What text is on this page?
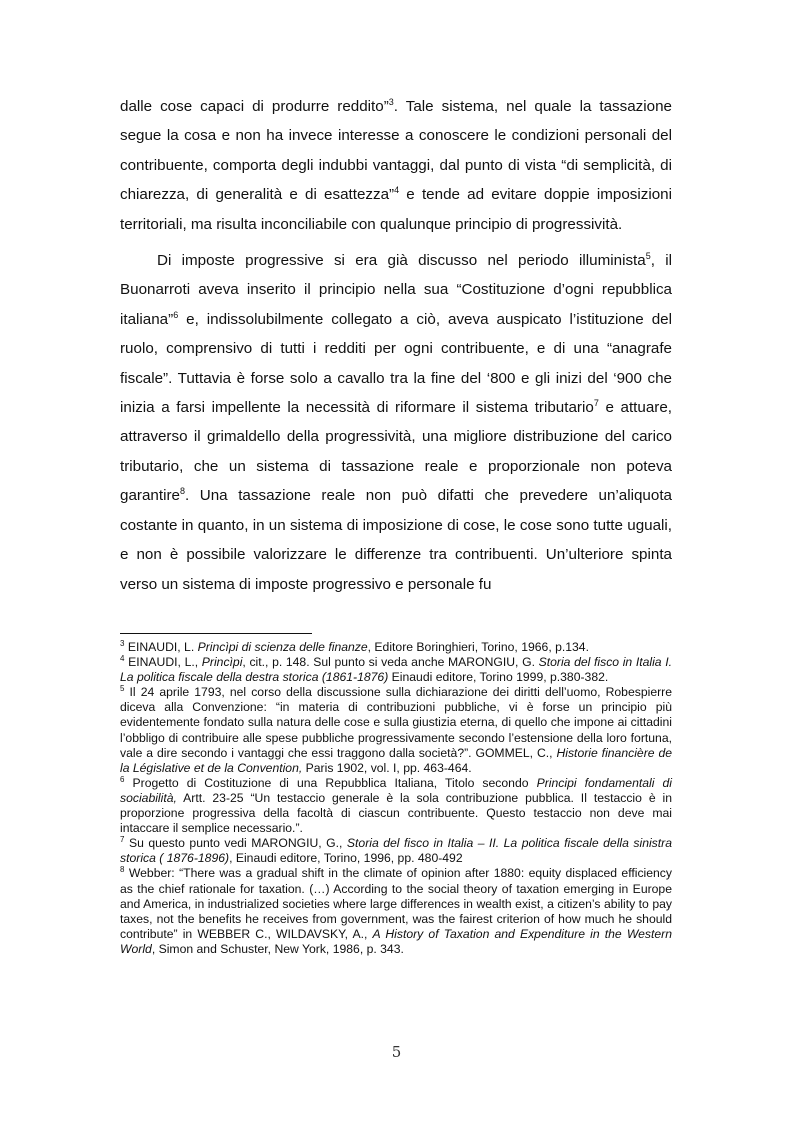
dalle cose capaci di produrre reddito”$^3$. Tale sistema, nel quale la tassazione segue la cosa e non ha invece interesse a conoscere le condizioni personali del contribuente, comporta degli indubbi vantaggi, dal punto di vista “di semplicità, di chiarezza, di generalità e di esattezza”$^4$ e tende ad evitare doppie imposizioni territoriali, ma risulta inconciliabile con qualunque principio di progressività.

Di imposte progressive si era già discusso nel periodo illuminista$^5$, il Buonarroti aveva inserito il principio nella sua “Costituzione d’ogni repubblica italiana”$^6$ e, indissolubilmente collegato a ciò, aveva auspicato l’istituzione del ruolo, comprensivo di tutti i redditi per ogni contribuente, e di una “anagrafe fiscale”. Tuttavia è forse solo a cavallo tra la fine del ‘800 e gli inizi del ‘900 che inizia a farsi impellente la necessità di riformare il sistema tributario$^7$ e attuare, attraverso il grimaldello della progressività, una migliore distribuzione del carico tributario, che un sistema di tassazione reale e proporzionale non poteva garantire$^8$. Una tassazione reale non può difatti che prevedere un’aliquota costante in quanto, in un sistema di imposizione di cose, le cose sono tutte uguali, e non è possibile valorizzare le differenze tra contribuenti. Un’ulteriore spinta verso un sistema di imposte progressivo e personale fu

$^3$ EINAUDI, L. Princìpi di scienza delle finanze, Editore Boringhieri, Torino, 1966, p.134.

$^4$ EINAUDI, L., Princìpi, cit., p. 148. Sul punto si veda anche MARONGIU, G. Storia del fisco in Italia I. La politica fiscale della destra storica (1861-1876) Einaudi editore, Torino 1999, p.380-382.

$^5$ Il 24 aprile 1793, nel corso della discussione sulla dichiarazione dei diritti dell’uomo, Robespierre diceva alla Convenzione: “in materia di contribuzioni pubbliche, vi è forse un principio più evidentemente fondato sulla natura delle cose e sulla giustizia eterna, di quello che impone ai cittadini l’obbligo di contribuire alle spese pubbliche progressivamente secondo l’estensione della loro fortuna, vale a dire secondo i vantaggi che essi traggono dalla società?”. GOMMEL, C., Historie financière de la Législative et de la Convention, Paris 1902, vol. I, pp. 463-464.

$^6$ Progetto di Costituzione di una Repubblica Italiana, Titolo secondo Principi fondamentali di sociabilità, Artt. 23-25 “Un testaccio generale è la sola contribuzione pubblica. Il testaccio è in proporzione progressiva della facoltà di ciascun contribuente. Questo testaccio non deve mai intaccare il semplice necessario.”.

$^7$ Su questo punto vedi MARONGIU, G., Storia del fisco in Italia – II. La politica fiscale della sinistra storica ( 1876-1896), Einaudi editore, Torino, 1996, pp. 480-492

$^8$ Webber: “There was a gradual shift in the climate of opinion after 1880: equity displaced efficiency as the chief rationale for taxation. (…) According to the social theory of taxation emerging in Europe and America, in industrialized societies where large differences in wealth exist, a citizen’s ability to pay taxes, not the benefits he receives from government, was the fairest criterion of how much he should contribute” in WEBBER C., WILDAVSKY, A., A History of Taxation and Expenditure in the Western World, Simon and Schuster, New York, 1986, p. 343.

5
